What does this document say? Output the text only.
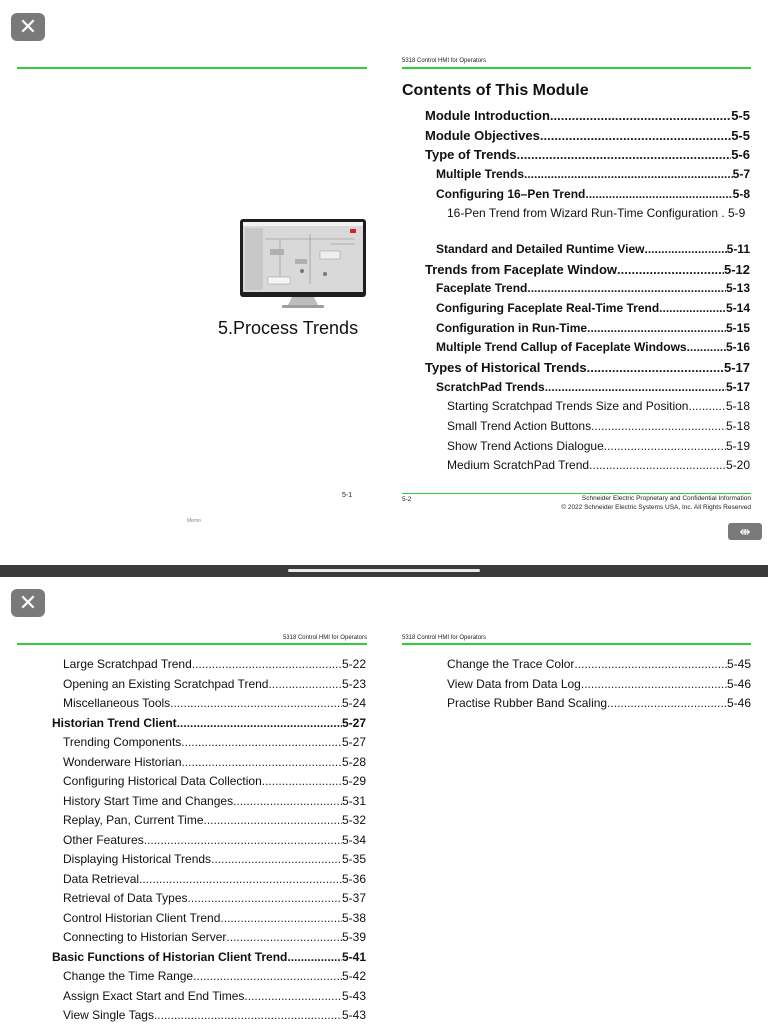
✕
5-1
Memo
5.Process Trends
5318 Control HMI for Operators
Contents of This Module
Module Introduction .....	5-5
Module Objectives .....	5-5
Type of Trends .....	5-6
Multiple Trends .....	5-7
Configuring 16–Pen Trend .....	5-8
16-Pen Trend from Wizard Run-Time Configuration . 5-9
Standard and Detailed Runtime View .....	5-11
Trends from Faceplate Window .....	5-12
Faceplate Trend .....	5-13
Configuring Faceplate Real-Time Trend .....	5-14
Configuration in Run-Time .....	5-15
Multiple Trend Callup of Faceplate Windows .....	5-16
Types of Historical Trends .....	5-17
ScratchPad Trends .....	5-17
Starting Scratchpad Trends Size and Position .....	5-18
Small Trend Action Buttons .....	5-18
Show Trend Actions Dialogue .....	5-19
Medium ScratchPad Trend .....	5-20
5-2	Schneider Electric Proprietary and Confidential Information
© 2022 Schneider Electric Systems USA, Inc. All Rights Reserved
⇼
✕
5318 Control HMI for Operators
Large Scratchpad Trend .....	5-22
Opening an Existing Scratchpad Trend .....	5-23
Miscellaneous Tools .....	5-24
Historian Trend Client .....	5-27
Trending Components .....	5-27
Wonderware Historian .....	5-28
Configuring Historical Data Collection .....	5-29
History Start Time and Changes .....	5-31
Replay, Pan, Current Time .....	5-32
Other Features .....	5-34
Displaying Historical Trends .....	5-35
Data Retrieval .....	5-36
Retrieval of Data Types .....	5-37
Control Historian Client Trend .....	5-38
Connecting to Historian Server .....	5-39
Basic Functions of Historian Client Trend .....	5-41
Change the Time Range .....	5-42
Assign Exact Start and End Times .....	5-43
View Single Tags .....	5-43
5318 Control HMI for Operators
Change the Trace Color .....	5-45
View Data from Data Log .....	5-46
Practise Rubber Band Scaling .....	5-46
